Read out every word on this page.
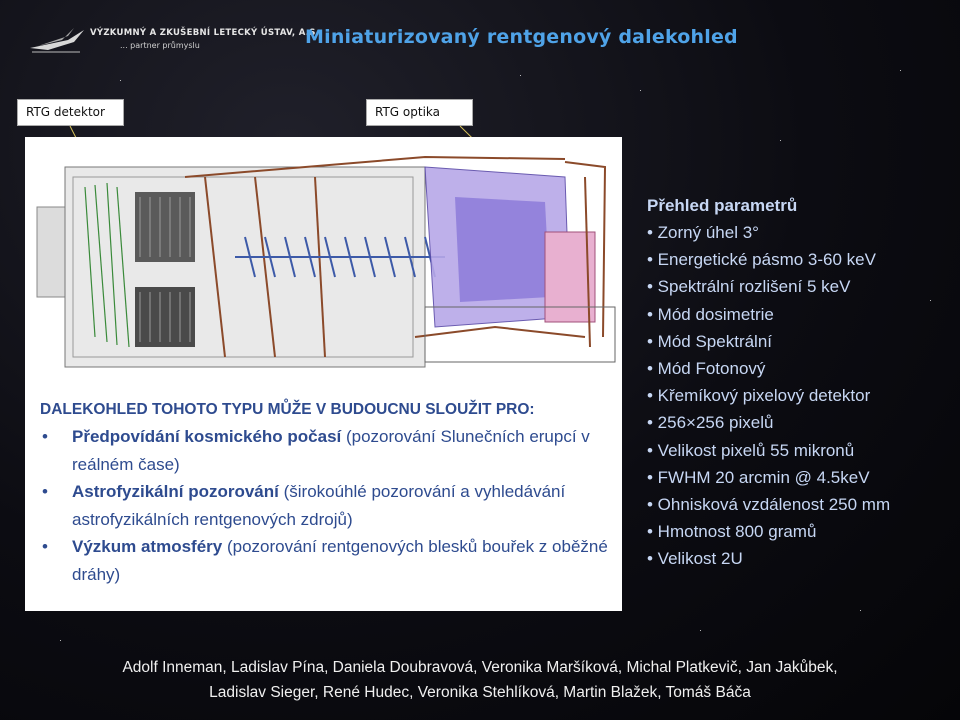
VÝZKUMNÝ A ZKUŠEBNÍ LETECKÝ ÚSTAV, A.S.
... partner průmyslu	Miniaturizovaný rentgenový dalekohled
RTG detektor	RTG optika
DALEKOHLED TOHOTO TYPU MŮŽE V BUDOUCNU SLOUŽIT PRO:
• Předpovídání kosmického počasí (pozorování Slunečních erupcí v reálném čase)
• Astrofyzikální pozorování (širokoúhlé pozorování a vyhledávání astrofyzikálních rentgenových zdrojů)
• Výzkum atmosféry (pozorování rentgenových blesků bouřek z oběžné dráhy)
Přehled parametrů
• Zorný úhel 3°
• Energetické pásmo 3-60 keV
• Spektrální rozlišení 5 keV
• Mód dosimetrie
• Mód Spektrální
• Mód Fotonový
• Křemíkový pixelový detektor
• 256×256 pixelů
• Velikost pixelů 55 mikronů
• FWHM 20 arcmin @ 4.5keV
• Ohnisková vzdálenost 250 mm
• Hmotnost 800 gramů
• Velikost 2U
Adolf Inneman, Ladislav Pína, Daniela Doubravová, Veronika Maršíková, Michal Platkevič, Jan Jakůbek,
Ladislav Sieger, René Hudec, Veronika Stehlíková, Martin Blažek, Tomáš Báča
